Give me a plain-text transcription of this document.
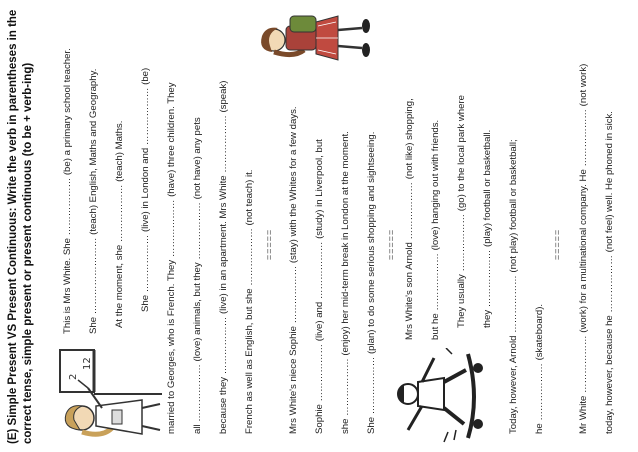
(E) Simple Present VS Present Continuous: Write the verb in parentheses in the correct tense, simple present or present continuous (to be + verb-ing)	2
12
This is Mrs White. She ……………… (be) a primary school teacher. She …………………… (teach) English, Maths and Geography. At the moment, she ……………… (teach) Maths. She ……………… (live) in London and ……………… (be) married to Georges, who is French. They ……………… (have) three children. They all ……………… (love) animals, but they ……………… (not have) any pets because they ……………… (live) in an apartment. Mrs White ……………… (speak) French as well as English, but she ……………… (not teach) it. ===== Mrs White's niece Sophie ……………… (stay) with the Whites for a few days. Sophie ……………… (live) and ……………… (study) in Liverpool, but she ……………… (enjoy) her mid-term break in London at the moment. She ……………… (plan) to do some serious shopping and sightseeing. ===== Mrs White's son Arnold ……………… (not like) shopping, but he ……………… (love) hanging out with friends. They usually ……………… (go) to the local park where they ……………… (play) football or basketball. Today, however, Arnold ……………… (not play) football or basketball; he ……………… (skateboard).
===== Mr White ……………… (work) for a multinational company. He ……………… (not work) today, however, because he ……………… (not feel) well. He phoned in sick.
